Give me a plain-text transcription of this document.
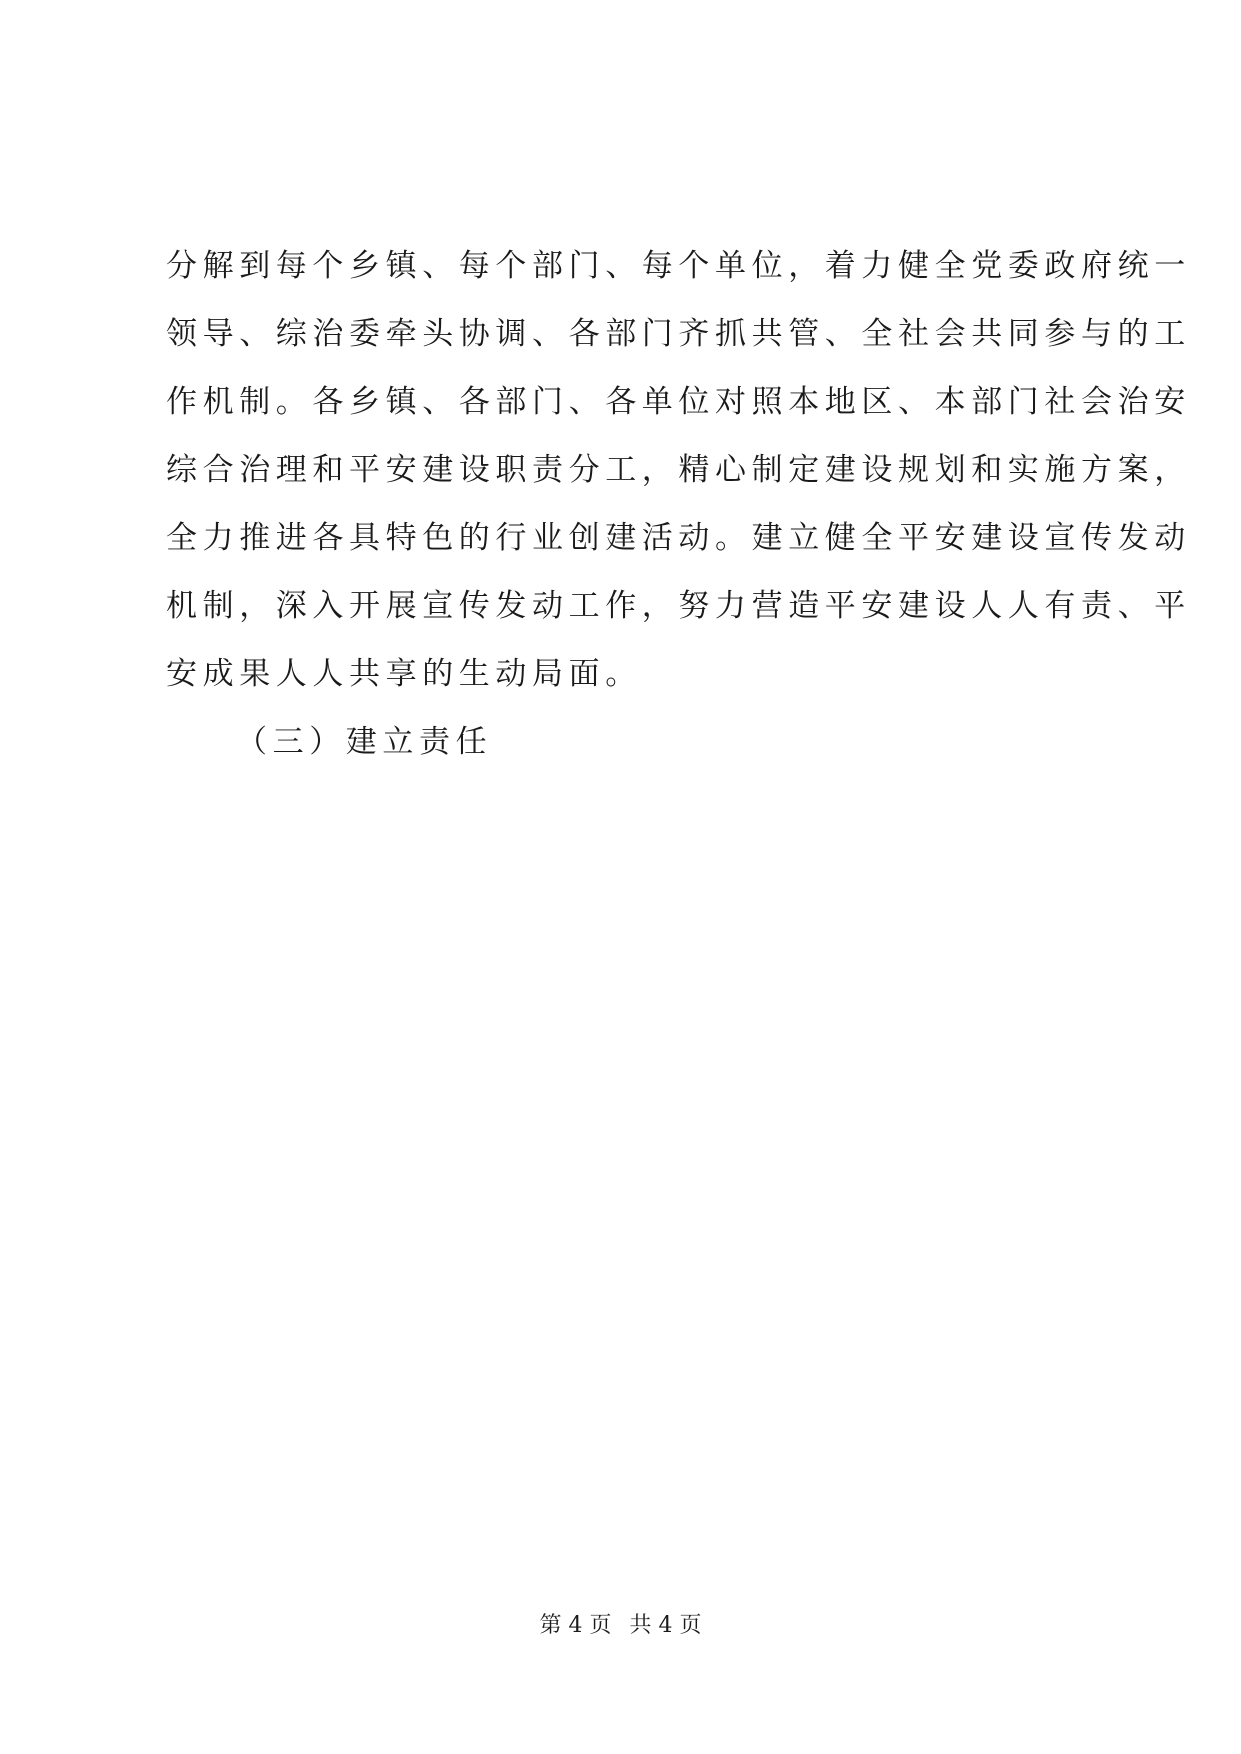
分解到每个乡镇、每个部门、每个单位，着力健全党委政府统一
领导、综治委牵头协调、各部门齐抓共管、全社会共同参与的工
作机制。各乡镇、各部门、各单位对照本地区、本部门社会治安
综合治理和平安建设职责分工，精心制定建设规划和实施方案，
全力推进各具特色的行业创建活动。建立健全平安建设宣传发动
机制，深入开展宣传发动工作，努力营造平安建设人人有责、平
安成果人人共享的生动局面。
（三）建立责任
第 4 页 共 4 页
